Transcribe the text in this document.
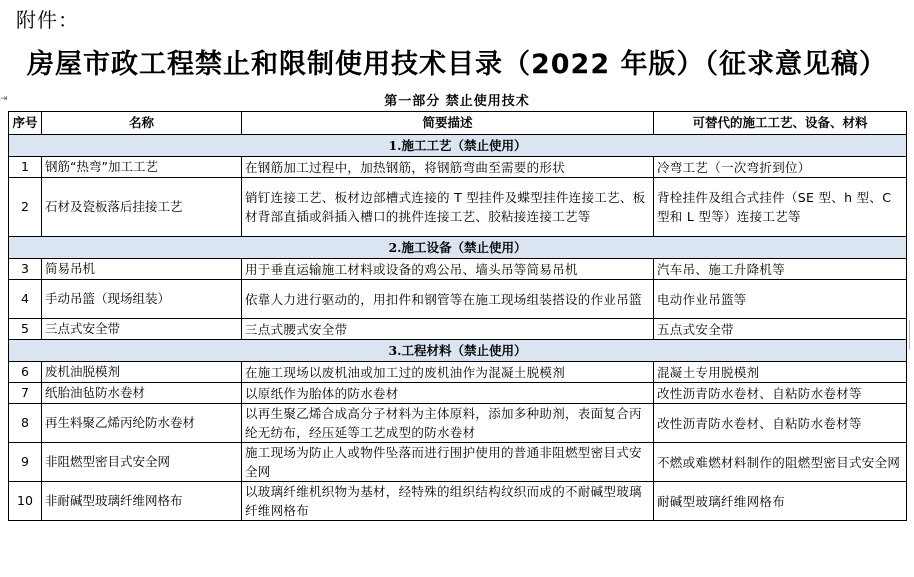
附件：
房屋市政工程禁止和限制使用技术目录（2022 年版）（征求意见稿）
⇥	第一部分 禁止使用技术
序号	名称	简要描述	可替代的施工工艺、设备、材料
1.施工工艺（禁止使用）			
1	钢筋“热弯”加工工艺	在钢筋加工过程中，加热钢筋，将钢筋弯曲至需要的形状	冷弯工艺（一次弯折到位）
2	石材及瓷板落后挂接工艺	销钉连接工艺、板材边部槽式连接的 T 型挂件及蝶型挂件连接工艺、板材背部直插或斜插入槽口的挑件连接工艺、胶粘接连接工艺等	背栓挂件及组合式挂件（SE 型、h 型、C 型和 L 型等）连接工艺等
2.施工设备（禁止使用）			
3	简易吊机	用于垂直运输施工材料或设备的鸡公吊、墙头吊等简易吊机	汽车吊、施工升降机等
4	手动吊篮（现场组装）	依靠人力进行驱动的，用扣件和钢管等在施工现场组装搭设的作业吊篮	电动作业吊篮等
5	三点式安全带	三点式腰式安全带	五点式安全带
3.工程材料（禁止使用）			
6	废机油脱模剂	在施工现场以废机油或加工过的废机油作为混凝土脱模剂	混凝土专用脱模剂
7	纸胎油毡防水卷材	以原纸作为胎体的防水卷材	改性沥青防水卷材、自粘防水卷材等
8	再生料聚乙烯丙纶防水卷材	以再生聚乙烯合成高分子材料为主体原料，添加多种助剂，表面复合丙纶无纺布，经压延等工艺成型的防水卷材	改性沥青防水卷材、自粘防水卷材等
9	非阻燃型密目式安全网	施工现场为防止人或物件坠落而进行围护使用的普通非阻燃型密目式安全网	不燃或难燃材料制作的阻燃型密目式安全网
10	非耐碱型玻璃纤维网格布	以玻璃纤维机织物为基材，经特殊的组织结构纹织而成的不耐碱型玻璃纤维网格布	耐碱型玻璃纤维网格布
